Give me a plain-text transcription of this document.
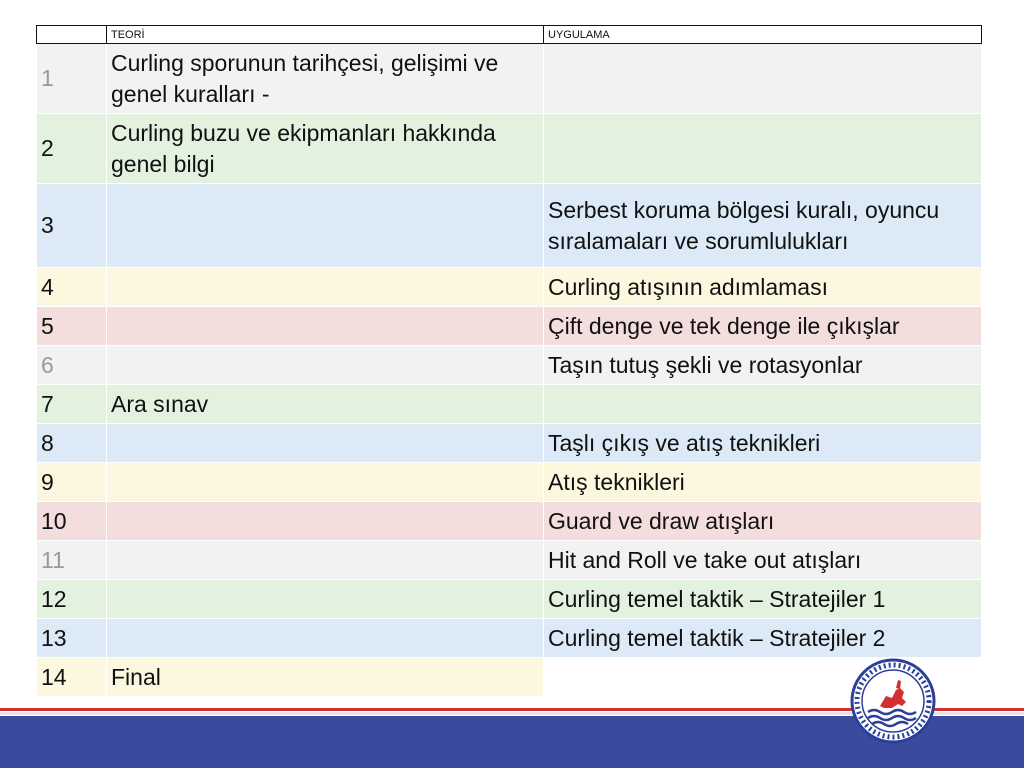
	TEORİ	UYGULAMA
1	Curling sporunun tarihçesi, gelişimi ve genel kuralları -	
2	Curling buzu ve ekipmanları hakkında genel bilgi	
3		Serbest koruma bölgesi kuralı, oyuncu sıralamaları ve sorumlulukları
4		Curling atışının adımlaması
5		Çift denge ve tek denge ile çıkışlar
6		Taşın tutuş şekli ve rotasyonlar
7	Ara sınav	
8		Taşlı çıkış ve atış teknikleri
9		Atış teknikleri
10		Guard ve draw atışları
11		Hit and Roll ve take out atışları
12		Curling temel taktik – Stratejiler 1
13		Curling temel taktik – Stratejiler 2
14	Final	
